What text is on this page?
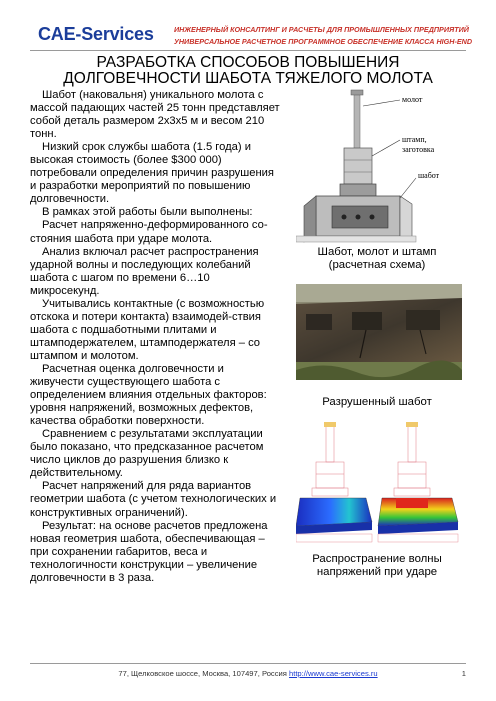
CAE-Services	ИНЖЕНЕРНЫЙ КОНСАЛТИНГ И РАСЧЕТЫ ДЛЯ ПРОМЫШЛЕННЫХ ПРЕДПРИЯТИЙ
УНИВЕРСАЛЬНОЕ РАСЧЕТНОЕ ПРОГРАММНОЕ ОБЕСПЕЧЕНИЕ КЛАССА HIGH-END
РАЗРАБОТКА СПОСОБОВ ПОВЫШЕНИЯ
ДОЛГОВЕЧНОСТИ ШАБОТА ТЯЖЕЛОГО МОЛОТА

Шабот (наковальня) уникального молота с массой падающих частей 25 тонн представляет собой деталь размером 2х3х5 м и весом 210 тонн.

Низкий срок службы шабота (1.5 года) и высокая стоимость (более $300 000) потребовали определения причин разрушения и разработки мероприятий по повышению долговечности.

В рамках этой работы были выполнены:

Расчет напряженно-деформированного со-стояния шабота при ударе молота.

Анализ включал расчет распространения ударной волны и последующих колебаний шабота с шагом по времени 6…10 микросекунд.

Учитывались контактные (с возможностью отскока и потери контакта) взаимодей-ствия шабота с подшаботными плитами и штамподержателем, штамподержателя – со штампом и молотом.

Расчетная оценка долговечности и живучести существующего шабота с определением влияния отдельных факторов: уровня напряжений, возможных дефектов, качества обработки поверхности.

Сравнением с результатами эксплуатации было показано, что предсказанное расчетом число циклов до разрушения близко к действительному.

Расчет напряжений для ряда вариантов геометрии шабота (с учетом технологических и конструктивных ограничений).

Результат: на основе расчетов предложена новая геометрия шабота, обеспечивающая – при сохранении габаритов, веса и технологичности конструкции – увеличение долговечности в 3 раза.

молот
штамп,
заготовка
шабот
Шабот, молот и штамп
(расчетная схема)
Разрушенный шабот
Распространение волны
напряжений при ударе
77, Щелковское шоссе, Москва, 107497, Россия http://www.cae-services.ru	1
